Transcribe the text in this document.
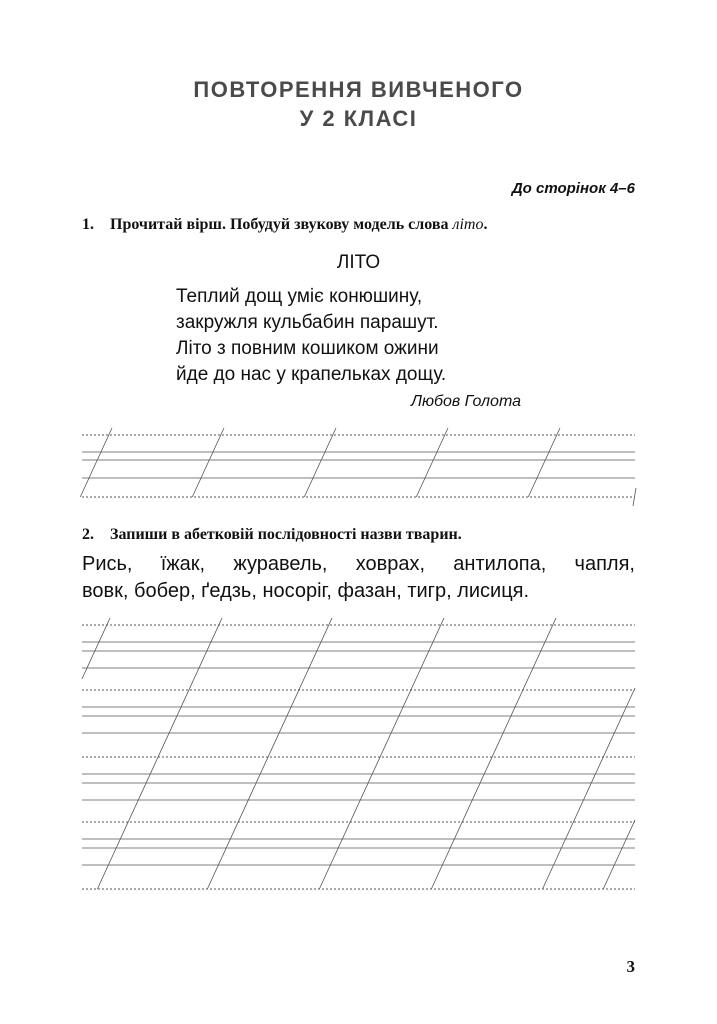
ПОВТОРЕННЯ ВИВЧЕНОГО
У 2 КЛАСІ
До сторінок 4–6
1. Прочитай вірш. Побудуй звукову модель слова літо.
ЛІТО
Теплий дощ уміє конюшину,
закружля кульбабин парашут.
Літо з повним кошиком ожини
йде до нас у крапельках дощу.
Любов Голота
2. Запиши в абетковій послідовності назви тварин.
Рись, їжак, журавель, ховрах, антилопа, чапля,
вовк, бобер, ґедзь, носоріг, фазан, тигр, лисиця.
3
